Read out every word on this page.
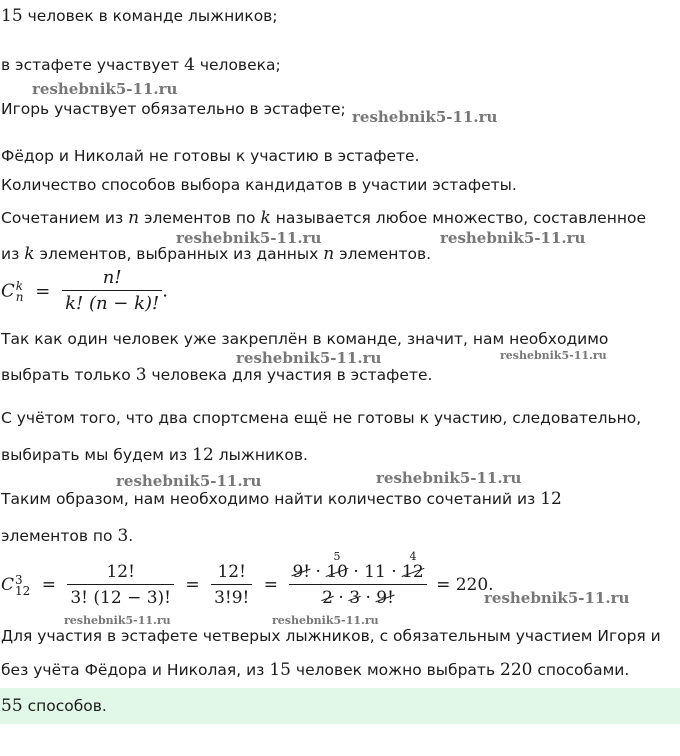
15 человек в команде лыжников;
в эстафете участвует 4 человека;
Игорь участвует обязательно в эстафете;
Фёдор и Николай не готовы к участию в эстафете.
Количество способов выбора кандидатов в участии эстафеты.
Сочетанием из n элементов по k называется любое множество, составленное
из k элементов, выбранных из данных n элементов.
C k
$n = \frac{n!}{k! (n - k)!}$ .
Так как один человек уже закреплён в команде, значит, нам необходимо
выбрать только 3 человека для участия в эстафете.
С учётом того, что два спортсмена ещё не готовы к участию, следовательно,
выбирать мы будем из 12 лыжников.
Таким образом, нам необходимо найти количество сочетаний из 12
элементов по 3.
C 3
$12 = \frac{12!}{3! (12 - 3)!} = \frac{12!}{3!9!}$ =
9! · 10 · 11 · 12
2 · 3 · 9!
5	4
= 220.
Для участия в эстафете четверых лыжников, с обязательным участием Игоря и
без учёта Фёдора и Николая, из 15 человек можно выбрать 220 способами.
55 способов.
reshebnik5-11.ru
reshebnik5-11.ru
reshebnik5-11.ru	reshebnik5-11.ru
reshebnik5-11.ru	reshebnik5-11.ru
reshebnik5-11.ru	reshebnik5-11.ru
reshebnik5-11.ru
reshebnik5-11.ru	reshebnik5-11.ru
